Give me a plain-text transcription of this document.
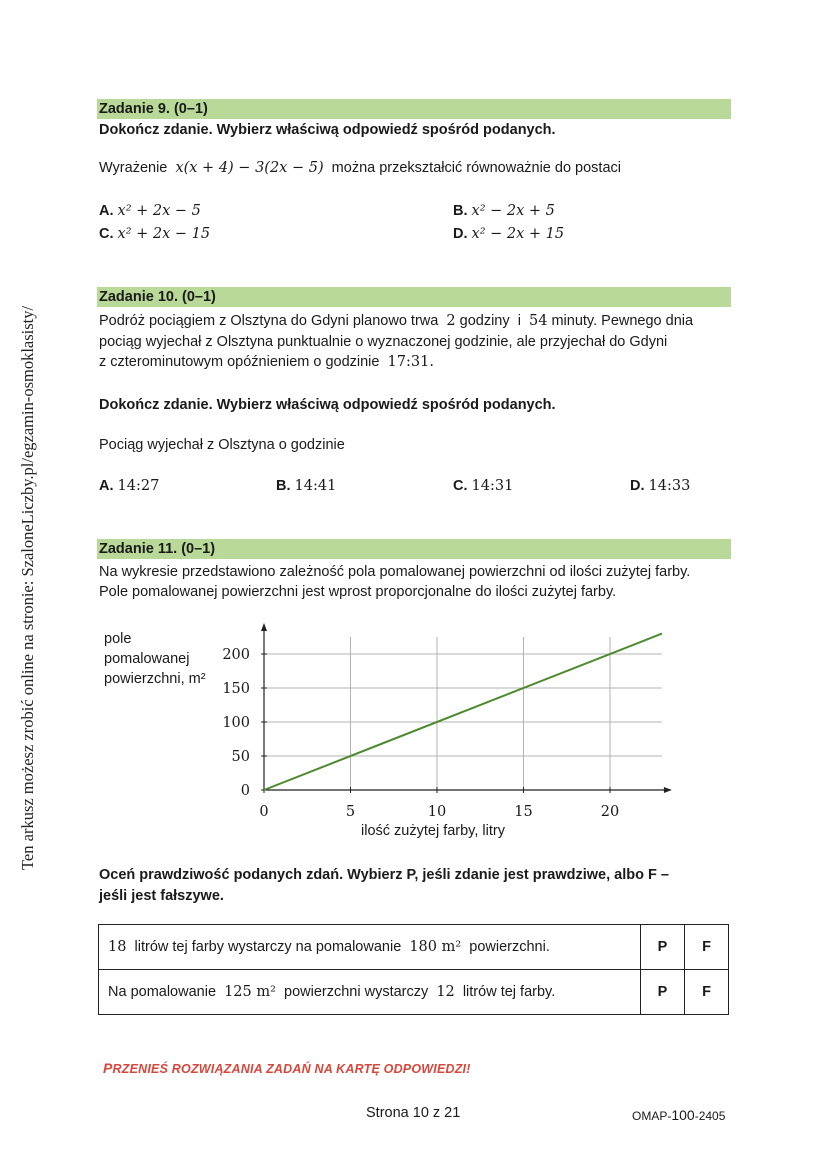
Ten arkusz możesz zrobić online na stronie: SzaloneLiczby.pl/egzamin-osmoklasisty/
Zadanie 9. (0–1)
Dokończ zdanie. Wybierz właściwą odpowiedź spośród podanych.
Wyrażenie x(x + 4) − 3(2x − 5) można przekształcić równoważnie do postaci
A. x² + 2x − 5	B. x² − 2x + 5
C. x² + 2x − 15	D. x² − 2x + 15
Zadanie 10. (0–1)
Podróż pociągiem z Olsztyna do Gdyni planowo trwa 2 godziny i 54 minuty. Pewnego dnia
pociąg wyjechał z Olsztyna punktualnie o wyznaczonej godzinie, ale przyjechał do Gdyni
z czterominutowym opóźnieniem o godzinie 17:31.
Dokończ zdanie. Wybierz właściwą odpowiedź spośród podanych.
Pociąg wyjechał z Olsztyna o godzinie
A. 14:27	B. 14:41	C. 14:31	D. 14:33
Zadanie 11. (0–1)
Na wykresie przedstawiono zależność pola pomalowanej powierzchni od ilości zużytej farby.
Pole pomalowanej powierzchni jest wprost proporcjonalne do ilości zużytej farby.
pole
pomalowanej
powierzchni, m²
0	5	10	15	20
0
50
100
150
200
ilość zużytej farby, litry
Oceń prawdziwość podanych zdań. Wybierz P, jeśli zdanie jest prawdziwe, albo F –
jeśli jest fałszywe.
18 litrów tej farby wystarczy na pomalowanie 180 m² powierzchni.	P	F
Na pomalowanie 125 m² powierzchni wystarczy 12 litrów tej farby.	P	F
PRZENIEŚ ROZWIĄZANIA ZADAŃ NA KARTĘ ODPOWIEDZI!
Strona 10 z 21	OMAP-100-2405
